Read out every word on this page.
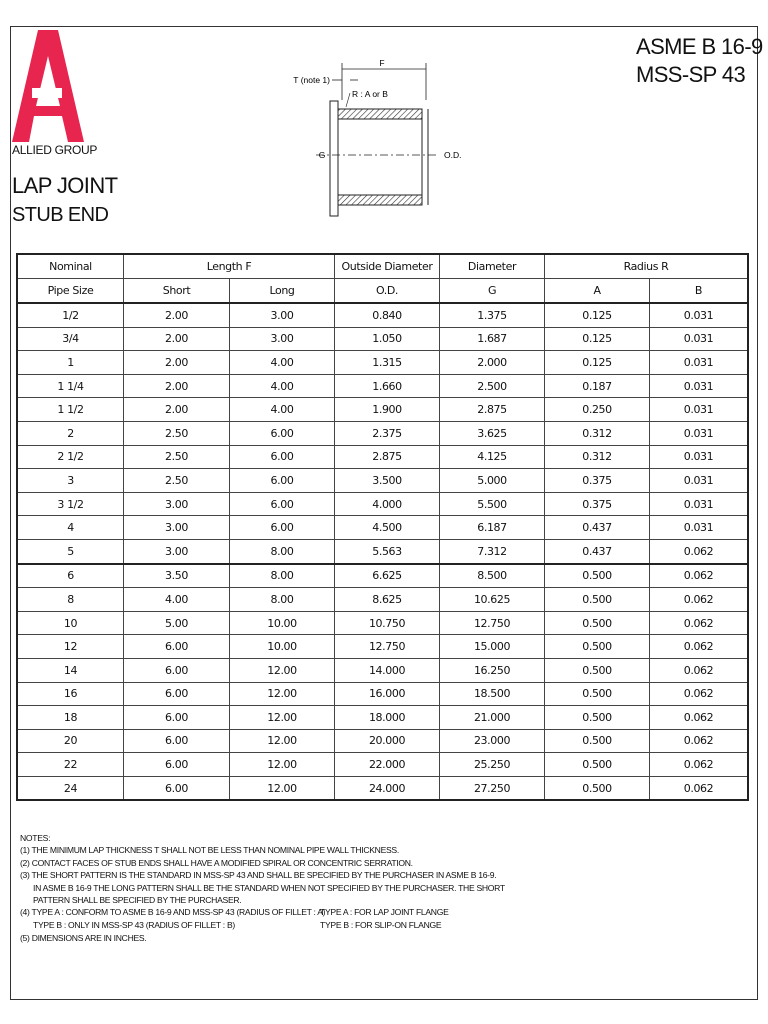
ALLIED GROUP
LAP JOINT
STUB END
ASME B 16-9
MSS-SP 43
F
T (note 1)
R : A or B
G	O.D.
Nominal	Length F		Outside Diameter	Diameter	Radius R	
Pipe Size	Short	Long	O.D.	G	A	B
1/2	2.00	3.00	0.840	1.375	0.125	0.031
3/4	2.00	3.00	1.050	1.687	0.125	0.031
1	2.00	4.00	1.315	2.000	0.125	0.031
1 1/4	2.00	4.00	1.660	2.500	0.187	0.031
1 1/2	2.00	4.00	1.900	2.875	0.250	0.031
2	2.50	6.00	2.375	3.625	0.312	0.031
2 1/2	2.50	6.00	2.875	4.125	0.312	0.031
3	2.50	6.00	3.500	5.000	0.375	0.031
3 1/2	3.00	6.00	4.000	5.500	0.375	0.031
4	3.00	6.00	4.500	6.187	0.437	0.031
5	3.00	8.00	5.563	7.312	0.437	0.062
6	3.50	8.00	6.625	8.500	0.500	0.062
8	4.00	8.00	8.625	10.625	0.500	0.062
10	5.00	10.00	10.750	12.750	0.500	0.062
12	6.00	10.00	12.750	15.000	0.500	0.062
14	6.00	12.00	14.000	16.250	0.500	0.062
16	6.00	12.00	16.000	18.500	0.500	0.062
18	6.00	12.00	18.000	21.000	0.500	0.062
20	6.00	12.00	20.000	23.000	0.500	0.062
22	6.00	12.00	22.000	25.250	0.500	0.062
24	6.00	12.00	24.000	27.250	0.500	0.062
NOTES:
(1) THE MINIMUM LAP THICKNESS T SHALL NOT BE LESS THAN NOMINAL PIPE WALL THICKNESS.
(2) CONTACT FACES OF STUB ENDS SHALL HAVE A MODIFIED SPIRAL OR CONCENTRIC SERRATION.
(3) THE SHORT PATTERN IS THE STANDARD IN MSS-SP 43 AND SHALL BE SPECIFIED BY THE PURCHASER IN ASME B 16-9.
IN ASME B 16-9 THE LONG PATTERN SHALL BE THE STANDARD WHEN NOT SPECIFIED BY THE PURCHASER. THE SHORT
PATTERN SHALL BE SPECIFIED BY THE PURCHASER.
(4) TYPE A : CONFORM TO ASME B 16-9 AND MSS-SP 43 (RADIUS OF FILLET : A)
TYPE A : FOR LAP JOINT FLANGE
TYPE B : ONLY IN MSS-SP 43 (RADIUS OF FILLET : B)	TYPE B : FOR SLIP-ON FLANGE
(5) DIMENSIONS ARE IN INCHES.
